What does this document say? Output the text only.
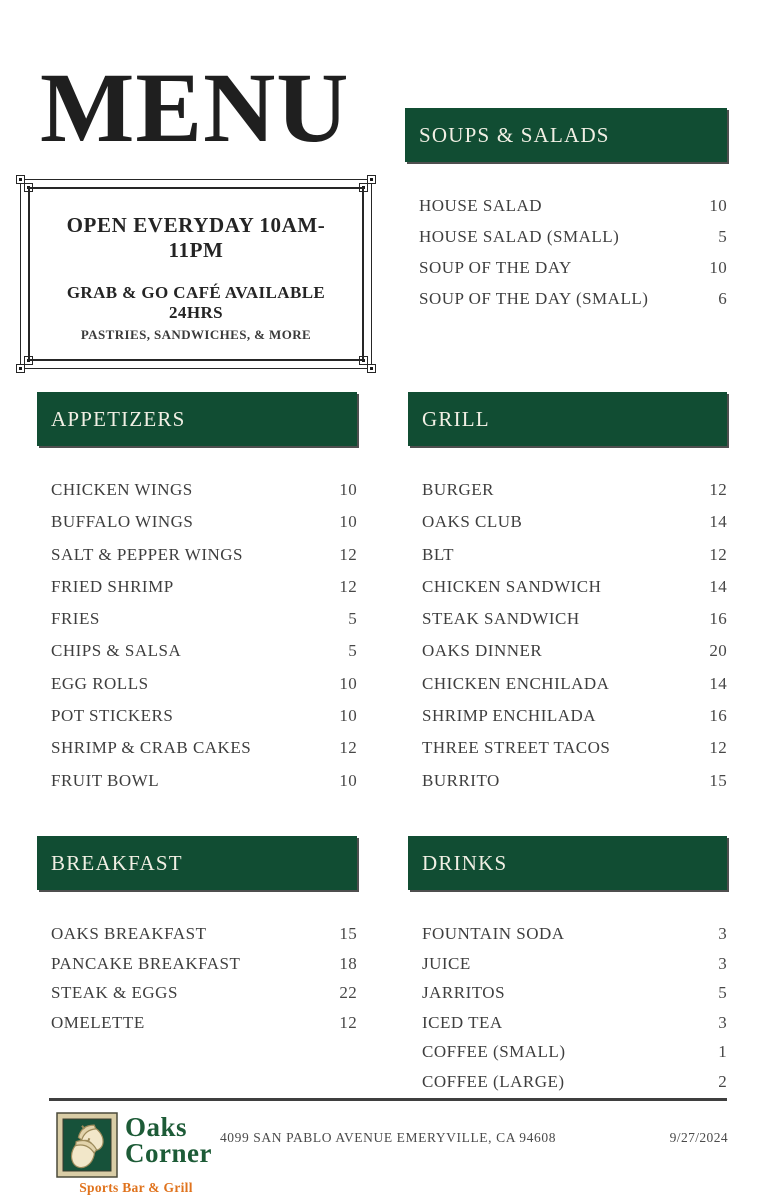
MENU

OPEN EVERYDAY 10AM-11PM

GRAB & GO CAFÉ AVAILABLE 24HRS

PASTRIES, SANDWICHES, & MORE

SOUPS & SALADS
HOUSE SALAD	10
HOUSE SALAD (SMALL)	5
SOUP OF THE DAY	10
SOUP OF THE DAY (SMALL)	6
APPETIZERS
CHICKEN WINGS	10
BUFFALO WINGS	10
SALT & PEPPER WINGS	12
FRIED SHRIMP	12
FRIES	5
CHIPS & SALSA	5
EGG ROLLS	10
POT STICKERS	10
SHRIMP & CRAB CAKES	12
FRUIT BOWL	10
GRILL
BURGER	12
OAKS CLUB	14
BLT	12
CHICKEN SANDWICH	14
STEAK SANDWICH	16
OAKS DINNER	20
CHICKEN ENCHILADA	14
SHRIMP ENCHILADA	16
THREE STREET TACOS	12
BURRITO	15
BREAKFAST
OAKS BREAKFAST	15
PANCAKE BREAKFAST	18
STEAK & EGGS	22
OMELETTE	12
DRINKS
FOUNTAIN SODA	3
JUICE	3
JARRITOS	5
ICED TEA	3
COFFEE (SMALL)	1
COFFEE (LARGE)	2
Oaks
Corner
Sports Bar & Grill
4099 SAN PABLO AVENUE EMERYVILLE, CA 94608	9/27/2024
